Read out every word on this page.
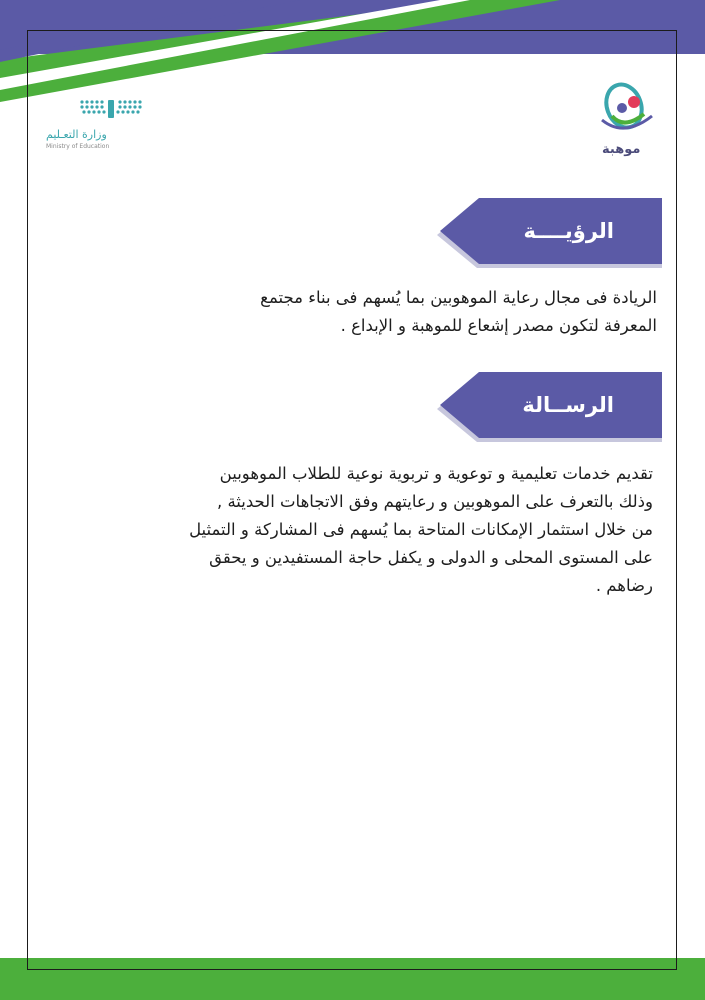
وزارة التعـليم
Ministry of Education	موهبة
الرؤيــــة
الريادة فى مجال رعاية الموهوبين بما يُسهم فى بناء مجتمع
المعرفة لتكون مصدر إشعاع للموهبة و الإبداع .
الرســالة
تقديم خدمات تعليمية و توعوية و تربوية نوعية للطلاب الموهوبين
وذلك بالتعرف على الموهوبين و رعايتهم وفق الاتجاهات الحديثة ,
من خلال استثمار الإمكانات المتاحة بما يُسهم فى المشاركة و التمثيل
على المستوى المحلى و الدولى و يكفل حاجة المستفيدين و يحقق
رضاهم .
